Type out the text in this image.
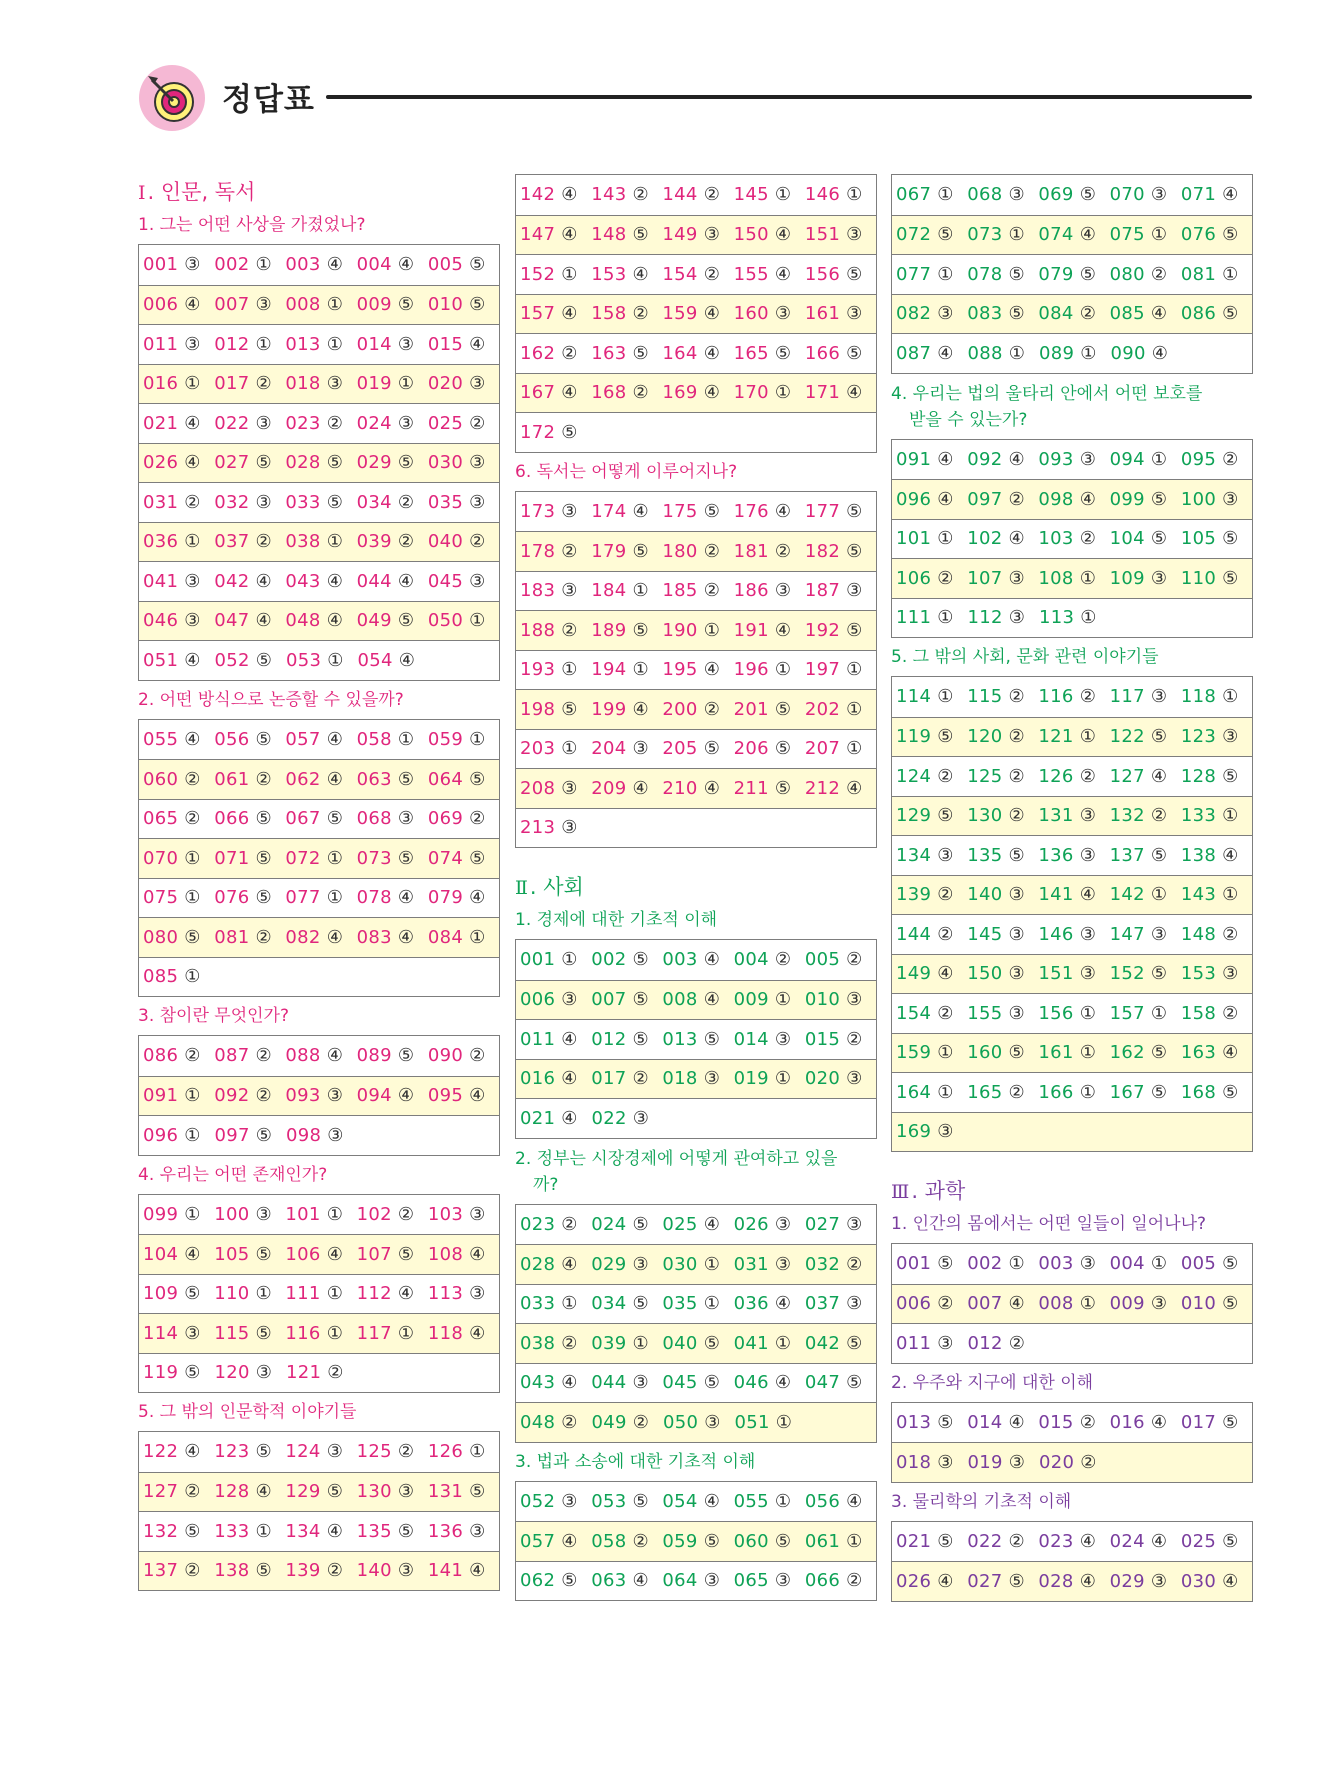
정답표
Ⅰ. 인문, 독서
1. 그는 어떤 사상을 가졌었나?
001 ③ 002 ① 003 ④ 004 ④ 005 ⑤
006 ④ 007 ③ 008 ① 009 ⑤ 010 ⑤
011 ③ 012 ① 013 ① 014 ③ 015 ④
016 ① 017 ② 018 ③ 019 ① 020 ③
021 ④ 022 ③ 023 ② 024 ③ 025 ②
026 ④ 027 ⑤ 028 ⑤ 029 ⑤ 030 ③
031 ② 032 ③ 033 ⑤ 034 ② 035 ③
036 ① 037 ② 038 ① 039 ② 040 ②
041 ③ 042 ④ 043 ④ 044 ④ 045 ③
046 ③ 047 ④ 048 ④ 049 ⑤ 050 ①
051 ④ 052 ⑤ 053 ① 054 ④
2. 어떤 방식으로 논증할 수 있을까?
055 ④ 056 ⑤ 057 ④ 058 ① 059 ①
060 ② 061 ② 062 ④ 063 ⑤ 064 ⑤
065 ② 066 ⑤ 067 ⑤ 068 ③ 069 ②
070 ① 071 ⑤ 072 ① 073 ⑤ 074 ⑤
075 ① 076 ⑤ 077 ① 078 ④ 079 ④
080 ⑤ 081 ② 082 ④ 083 ④ 084 ①
085 ①
3. 참이란 무엇인가?
086 ② 087 ② 088 ④ 089 ⑤ 090 ②
091 ① 092 ② 093 ③ 094 ④ 095 ④
096 ① 097 ⑤ 098 ③
4. 우리는 어떤 존재인가?
099 ① 100 ③ 101 ① 102 ② 103 ③
104 ④ 105 ⑤ 106 ④ 107 ⑤ 108 ④
109 ⑤ 110 ① 111 ① 112 ④ 113 ③
114 ③ 115 ⑤ 116 ① 117 ① 118 ④
119 ⑤ 120 ③ 121 ②
5. 그 밖의 인문학적 이야기들
122 ④ 123 ⑤ 124 ③ 125 ② 126 ①
127 ② 128 ④ 129 ⑤ 130 ③ 131 ⑤
132 ⑤ 133 ① 134 ④ 135 ⑤ 136 ③
137 ② 138 ⑤ 139 ② 140 ③ 141 ④
142 ④ 143 ② 144 ② 145 ① 146 ①
147 ④ 148 ⑤ 149 ③ 150 ④ 151 ③
152 ① 153 ④ 154 ② 155 ④ 156 ⑤
157 ④ 158 ② 159 ④ 160 ③ 161 ③
162 ② 163 ⑤ 164 ④ 165 ⑤ 166 ⑤
167 ④ 168 ② 169 ④ 170 ① 171 ④
172 ⑤
6. 독서는 어떻게 이루어지나?
173 ③ 174 ④ 175 ⑤ 176 ④ 177 ⑤
178 ② 179 ⑤ 180 ② 181 ② 182 ⑤
183 ③ 184 ① 185 ② 186 ③ 187 ③
188 ② 189 ⑤ 190 ① 191 ④ 192 ⑤
193 ① 194 ① 195 ④ 196 ① 197 ①
198 ⑤ 199 ④ 200 ② 201 ⑤ 202 ①
203 ① 204 ③ 205 ⑤ 206 ⑤ 207 ①
208 ③ 209 ④ 210 ④ 211 ⑤ 212 ④
213 ③
Ⅱ. 사회
1. 경제에 대한 기초적 이해
001 ① 002 ⑤ 003 ④ 004 ② 005 ②
006 ③ 007 ⑤ 008 ④ 009 ① 010 ③
011 ④ 012 ⑤ 013 ⑤ 014 ③ 015 ②
016 ④ 017 ② 018 ③ 019 ① 020 ③
021 ④ 022 ③
2. 정부는 시장경제에 어떻게 관여하고 있을
까?
023 ② 024 ⑤ 025 ④ 026 ③ 027 ③
028 ④ 029 ③ 030 ① 031 ③ 032 ②
033 ① 034 ⑤ 035 ① 036 ④ 037 ③
038 ② 039 ① 040 ⑤ 041 ① 042 ⑤
043 ④ 044 ③ 045 ⑤ 046 ④ 047 ⑤
048 ② 049 ② 050 ③ 051 ①
3. 법과 소송에 대한 기초적 이해
052 ③ 053 ⑤ 054 ④ 055 ① 056 ④
057 ④ 058 ② 059 ⑤ 060 ⑤ 061 ①
062 ⑤ 063 ④ 064 ③ 065 ③ 066 ②
067 ① 068 ③ 069 ⑤ 070 ③ 071 ④
072 ⑤ 073 ① 074 ④ 075 ① 076 ⑤
077 ① 078 ⑤ 079 ⑤ 080 ② 081 ①
082 ③ 083 ⑤ 084 ② 085 ④ 086 ⑤
087 ④ 088 ① 089 ① 090 ④
4. 우리는 법의 울타리 안에서 어떤 보호를
받을 수 있는가?
091 ④ 092 ④ 093 ③ 094 ① 095 ②
096 ④ 097 ② 098 ④ 099 ⑤ 100 ③
101 ① 102 ④ 103 ② 104 ⑤ 105 ⑤
106 ② 107 ③ 108 ① 109 ③ 110 ⑤
111 ① 112 ③ 113 ①
5. 그 밖의 사회, 문화 관련 이야기들
114 ① 115 ② 116 ② 117 ③ 118 ①
119 ⑤ 120 ② 121 ① 122 ⑤ 123 ③
124 ② 125 ② 126 ② 127 ④ 128 ⑤
129 ⑤ 130 ② 131 ③ 132 ② 133 ①
134 ③ 135 ⑤ 136 ③ 137 ⑤ 138 ④
139 ② 140 ③ 141 ④ 142 ① 143 ①
144 ② 145 ③ 146 ③ 147 ③ 148 ②
149 ④ 150 ③ 151 ③ 152 ⑤ 153 ③
154 ② 155 ③ 156 ① 157 ① 158 ②
159 ① 160 ⑤ 161 ① 162 ⑤ 163 ④
164 ① 165 ② 166 ① 167 ⑤ 168 ⑤
169 ③
Ⅲ. 과학
1. 인간의 몸에서는 어떤 일들이 일어나나?
001 ⑤ 002 ① 003 ③ 004 ① 005 ⑤
006 ② 007 ④ 008 ① 009 ③ 010 ⑤
011 ③ 012 ②
2. 우주와 지구에 대한 이해
013 ⑤ 014 ④ 015 ② 016 ④ 017 ⑤
018 ③ 019 ③ 020 ②
3. 물리학의 기초적 이해
021 ⑤ 022 ② 023 ④ 024 ④ 025 ⑤
026 ④ 027 ⑤ 028 ④ 029 ③ 030 ④
